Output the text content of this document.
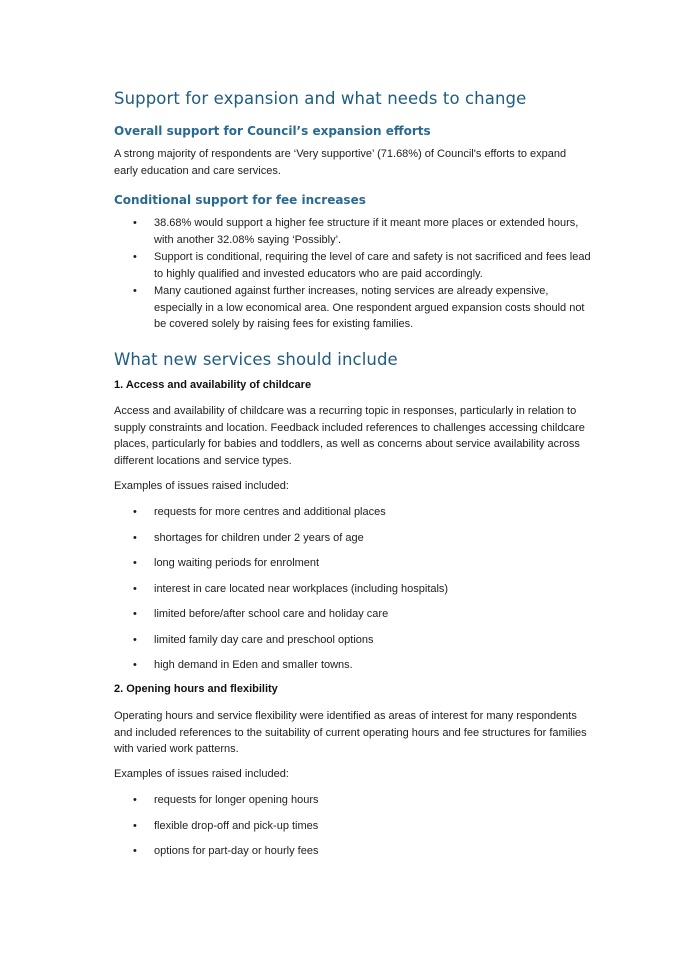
Support for expansion and what needs to change
Overall support for Council’s expansion efforts

A strong majority of respondents are ‘Very supportive’ (71.68%) of Council's efforts to expand early education and care services.

Conditional support for fee increases
• 38.68% would support a higher fee structure if it meant more places or extended hours, with another 32.08% saying ‘Possibly’.
• Support is conditional, requiring the level of care and safety is not sacrificed and fees lead to highly qualified and invested educators who are paid accordingly.
• Many cautioned against further increases, noting services are already expensive, especially in a low economical area. One respondent argued expansion costs should not be covered solely by raising fees for existing families.
What new services should include
1. Access and availability of childcare

Access and availability of childcare was a recurring topic in responses, particularly in relation to supply constraints and location. Feedback included references to challenges accessing childcare places, particularly for babies and toddlers, as well as concerns about service availability across different locations and service types.

Examples of issues raised included:

• requests for more centres and additional places
• shortages for children under 2 years of age
• long waiting periods for enrolment
• interest in care located near workplaces (including hospitals)
• limited before/after school care and holiday care
• limited family day care and preschool options
• high demand in Eden and smaller towns.
2. Opening hours and flexibility

Operating hours and service flexibility were identified as areas of interest for many respondents and included references to the suitability of current operating hours and fee structures for families with varied work patterns.

Examples of issues raised included:

• requests for longer opening hours
• flexible drop-off and pick-up times
• options for part-day or hourly fees
